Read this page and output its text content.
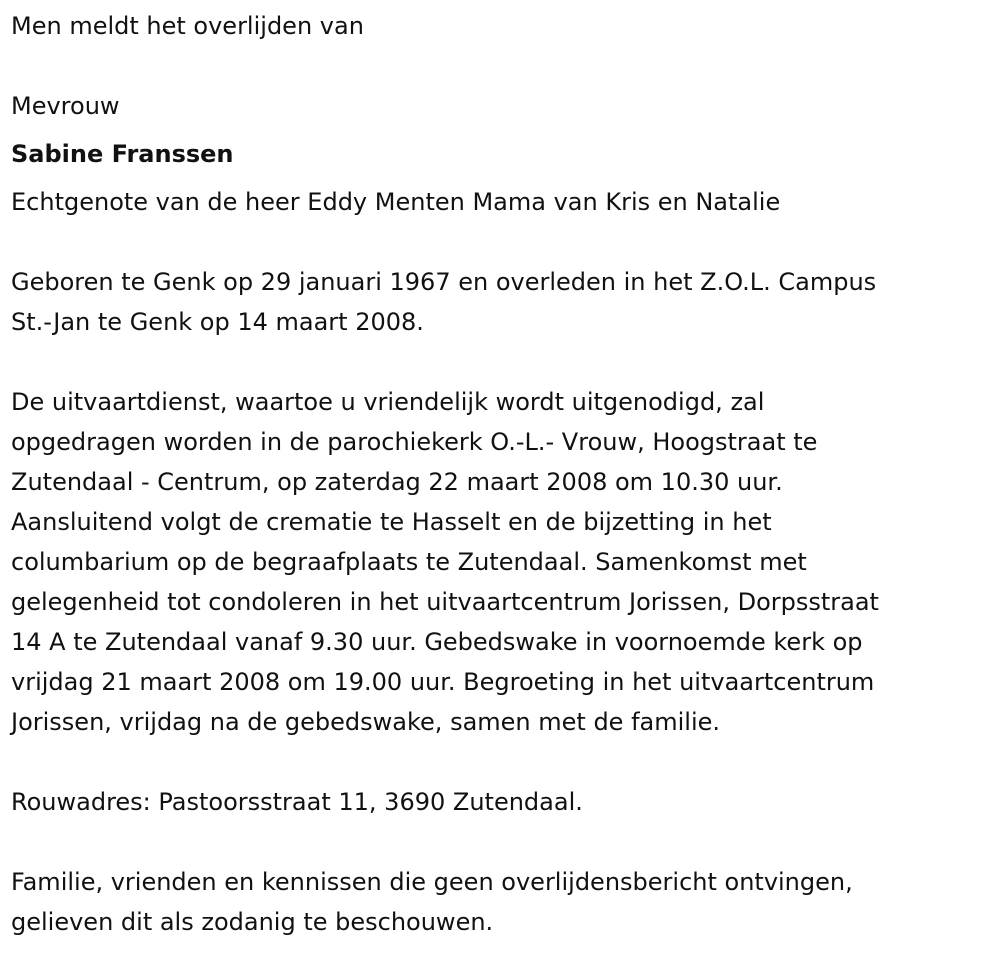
Men meldt het overlijden van

Mevrouw

Sabine Franssen

Echtgenote van de heer Eddy Menten Mama van Kris en Natalie

Geboren te Genk op 29 januari 1967 en overleden in het Z.O.L. Campus
St.-Jan te Genk op 14 maart 2008.
De uitvaartdienst, waartoe u vriendelijk wordt uitgenodigd, zal
opgedragen worden in de parochiekerk O.-L.- Vrouw, Hoogstraat te
Zutendaal - Centrum, op zaterdag 22 maart 2008 om 10.30 uur.
Aansluitend volgt de crematie te Hasselt en de bijzetting in het
columbarium op de begraafplaats te Zutendaal. Samenkomst met
gelegenheid tot condoleren in het uitvaartcentrum Jorissen, Dorpsstraat
14 A te Zutendaal vanaf 9.30 uur. Gebedswake in voornoemde kerk op
vrijdag 21 maart 2008 om 19.00 uur. Begroeting in het uitvaartcentrum
Jorissen, vrijdag na de gebedswake, samen met de familie.

Rouwadres: Pastoorsstraat 11, 3690 Zutendaal.

Familie, vrienden en kennissen die geen overlijdensbericht ontvingen,
gelieven dit als zodanig te beschouwen.
